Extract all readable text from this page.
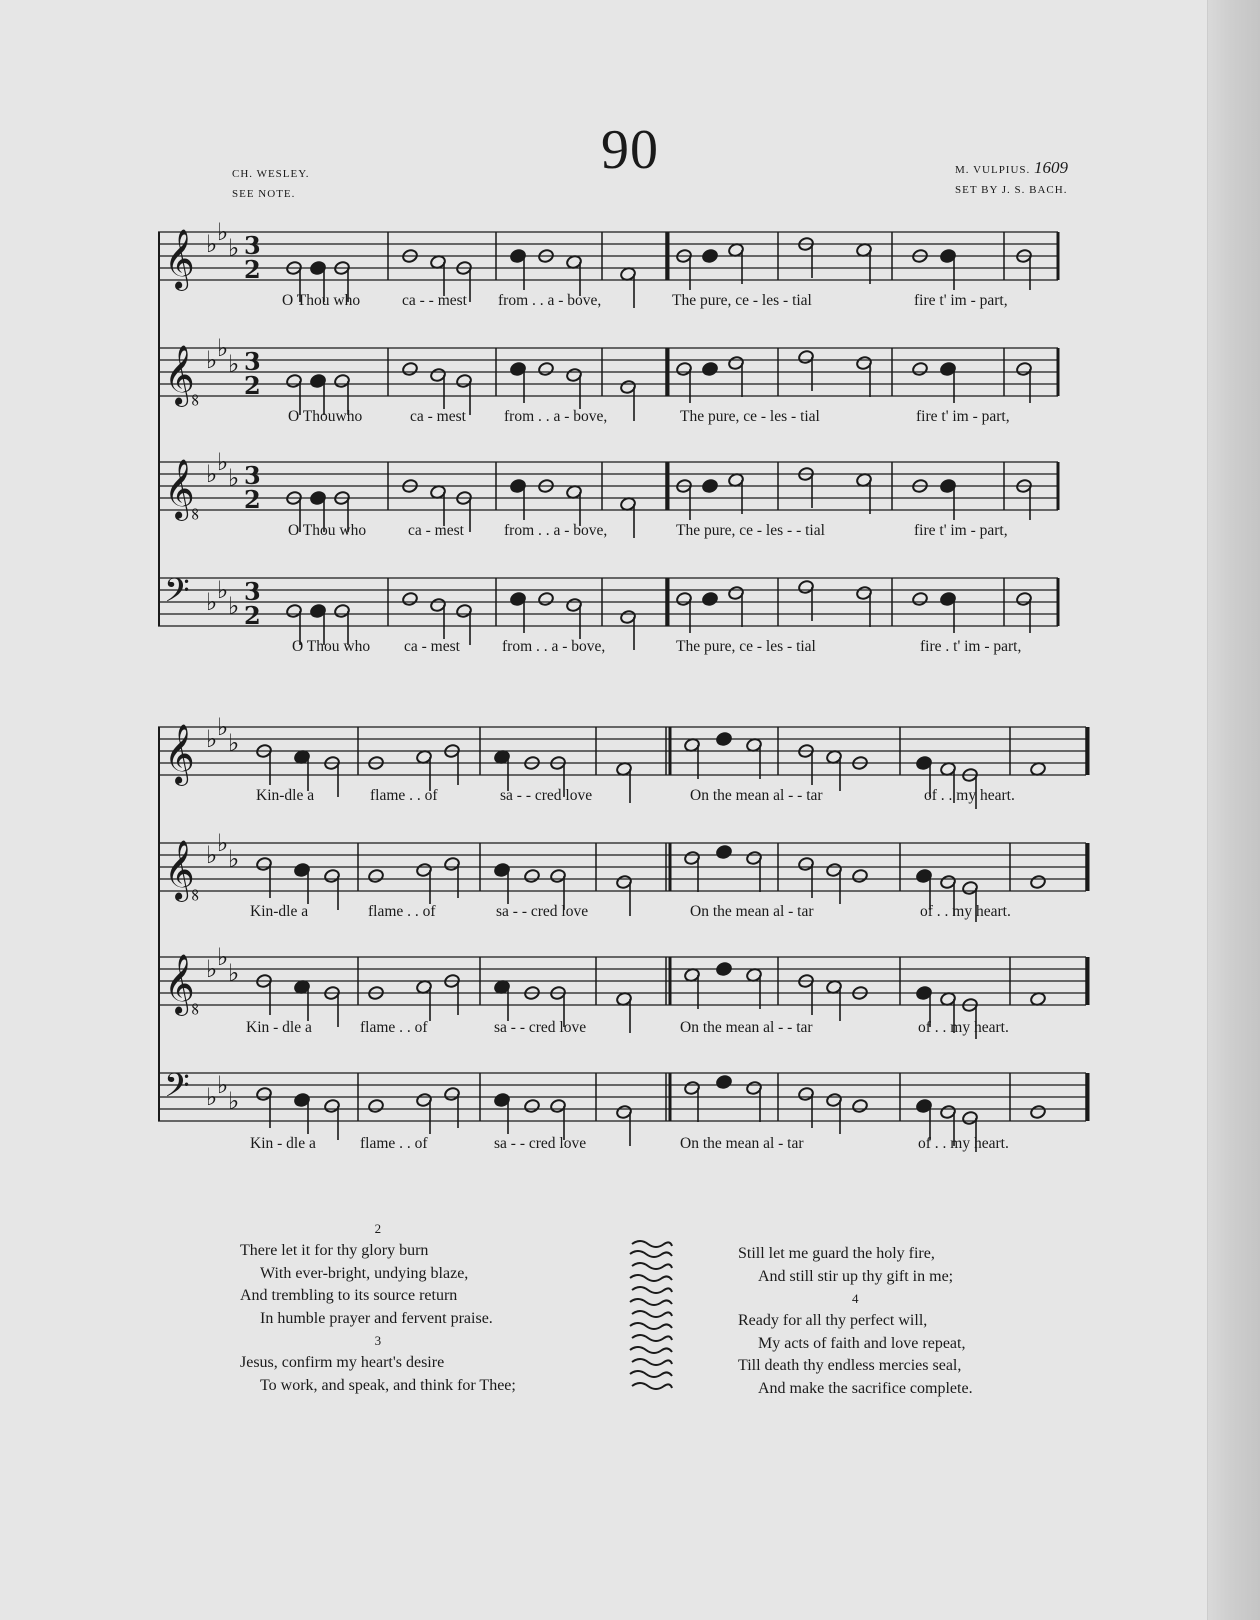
90
CH. WESLEY.
SEE NOTE.
M. VULPIUS. 1609
SET BY J. S. BACH.
𝄞 ♭ ♭
♭ 3
2
𝄠 ♭ ♭
♭ 3
2
𝄠 ♭ ♭
♭ 3
2
𝄢 ♭ ♭
♭ 3
2
O Thou who	ca - - mest from . . a - bove,	The pure, ce - les - tial	fire t' im - part,
O Thouwho	ca - mest from . . a - bove,	The pure, ce - les - tial	fire t' im - part,
O Thou who	ca - mest	from . . a - bove,	The pure, ce - les - - tial	fire t' im - part,
O Thou who ca - mest	from . . a - bove,	The pure, ce - les - tial	fire . t' im - part,
𝄞 ♭ ♭
♭
𝄠 ♭ ♭
♭
𝄠 ♭ ♭
♭
𝄢 ♭ ♭
♭
Kin-dle a	flame . . of	sa - - cred love	On the mean al - - tar	of . . my heart.
Kin-dle a	flame . . of	sa - - cred love	On the mean al - tar	of . . my heart.
Kin - dle a	flame . . of	sa - - cred love	On the mean al - - tar	of . . my heart.
Kin - dle a	flame . . of	sa - - cred love	On the mean al - tar	of . . my heart.
2
There let it for thy glory burn
With ever-bright, undying blaze,
And trembling to its source return
In humble prayer and fervent praise.
3
Jesus, confirm my heart's desire
To work, and speak, and think for Thee;
Still let me guard the holy fire,
And still stir up thy gift in me;
4
Ready for all thy perfect will,
My acts of faith and love repeat,
Till death thy endless mercies seal,
And make the sacrifice complete.
